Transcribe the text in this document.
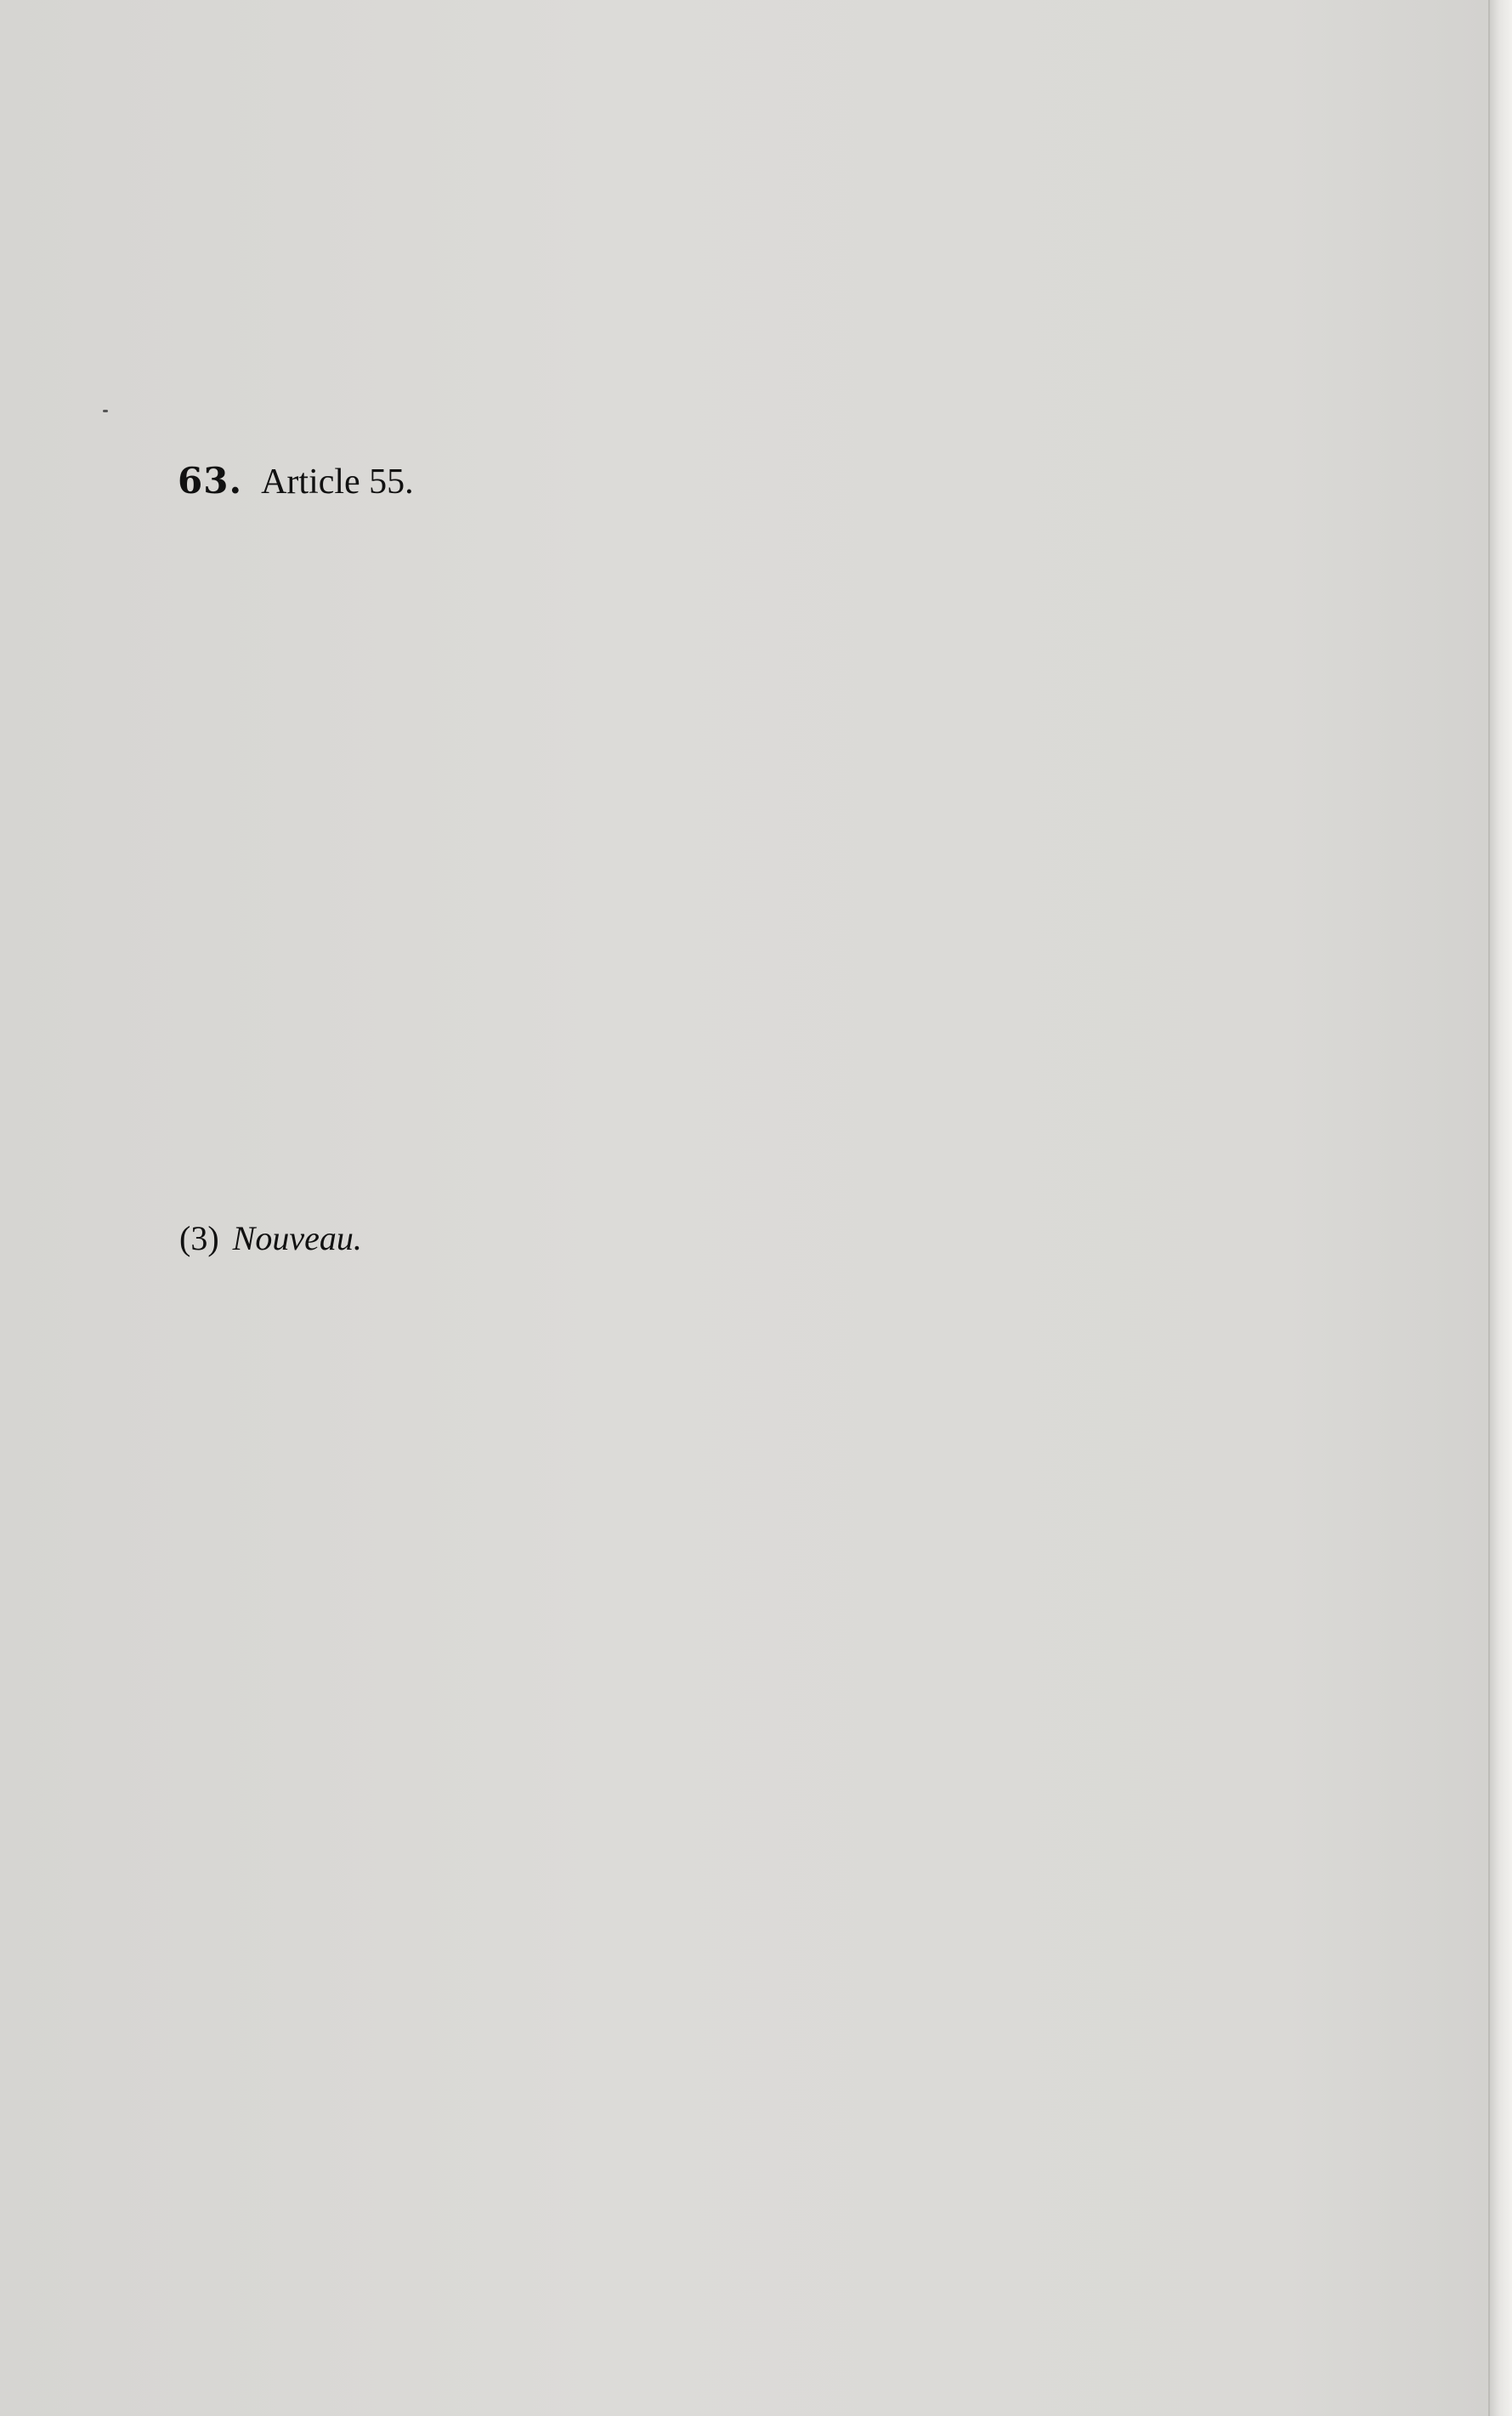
63. Article 55.
(3) Nouveau.
